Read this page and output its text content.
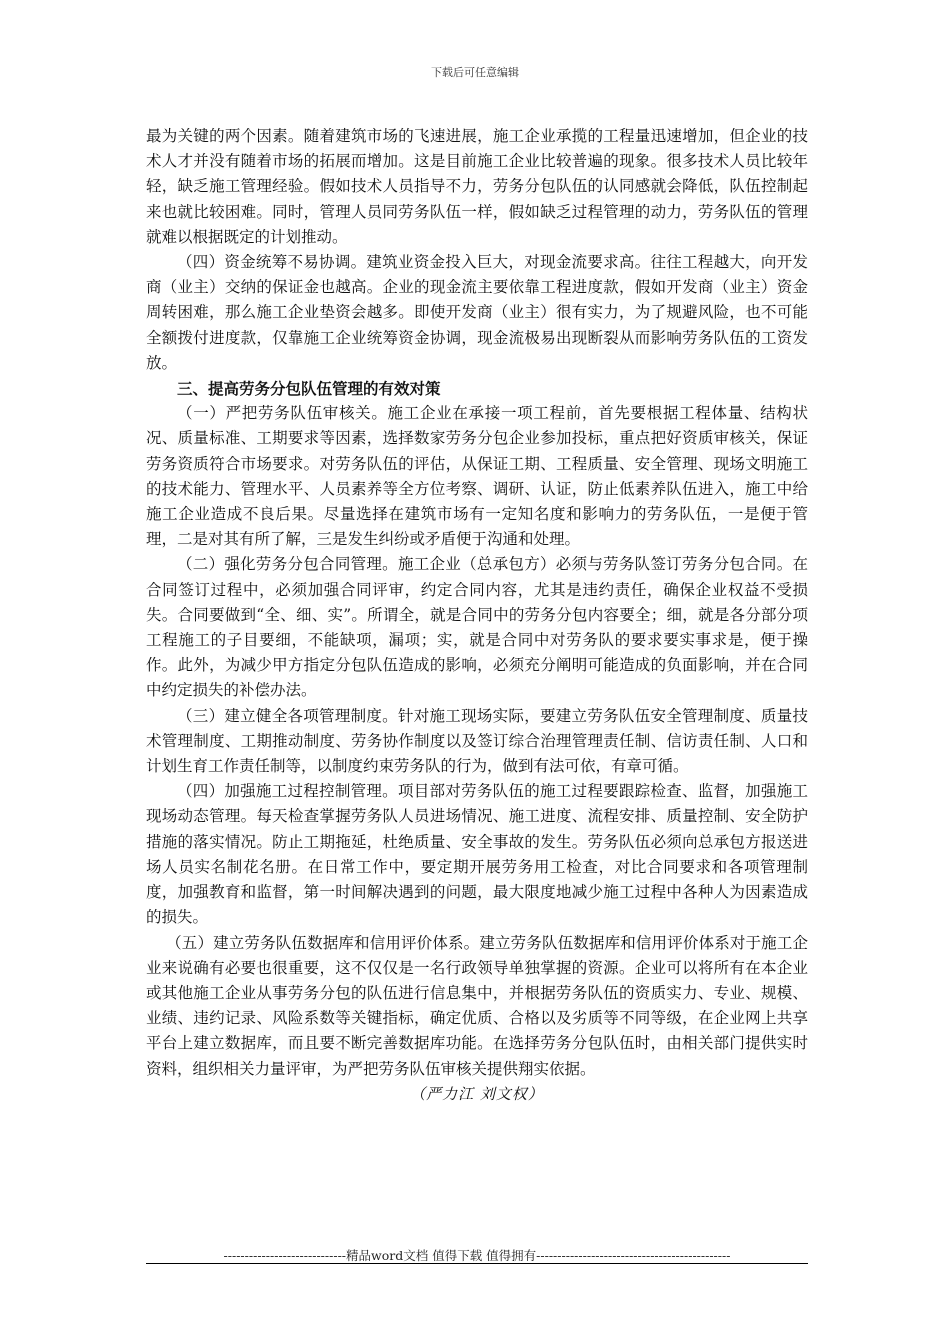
下载后可任意编辑

最为关键的两个因素。随着建筑市场的飞速进展，施工企业承揽的工程量迅速增加，但企业的技术人才并没有随着市场的拓展而增加。这是目前施工企业比较普遍的现象。很多技术人员比较年轻，缺乏施工管理经验。假如技术人员指导不力，劳务分包队伍的认同感就会降低，队伍控制起来也就比较困难。同时，管理人员同劳务队伍一样，假如缺乏过程管理的动力，劳务队伍的管理就难以根据既定的计划推动。

（四）资金统筹不易协调。建筑业资金投入巨大，对现金流要求高。往往工程越大，向开发商（业主）交纳的保证金也越高。企业的现金流主要依靠工程进度款，假如开发商（业主）资金周转困难，那么施工企业垫资会越多。即使开发商（业主）很有实力，为了规避风险，也不可能全额拨付进度款，仅靠施工企业统筹资金协调，现金流极易出现断裂从而影响劳务队伍的工资发放。

三、提高劳务分包队伍管理的有效对策

（一）严把劳务队伍审核关。施工企业在承接一项工程前，首先要根据工程体量、结构状况、质量标准、工期要求等因素，选择数家劳务分包企业参加投标，重点把好资质审核关，保证劳务资质符合市场要求。对劳务队伍的评估，从保证工期、工程质量、安全管理、现场文明施工的技术能力、管理水平、人员素养等全方位考察、调研、认证，防止低素养队伍进入，施工中给施工企业造成不良后果。尽量选择在建筑市场有一定知名度和影响力的劳务队伍，一是便于管理，二是对其有所了解，三是发生纠纷或矛盾便于沟通和处理。

（二）强化劳务分包合同管理。施工企业（总承包方）必须与劳务队签订劳务分包合同。在合同签订过程中，必须加强合同评审，约定合同内容，尤其是违约责任，确保企业权益不受损失。合同要做到“全、细、实”。所谓全，就是合同中的劳务分包内容要全；细，就是各分部分项工程施工的子目要细，不能缺项，漏项；实，就是合同中对劳务队的要求要实事求是，便于操作。此外，为减少甲方指定分包队伍造成的影响，必须充分阐明可能造成的负面影响，并在合同中约定损失的补偿办法。

（三）建立健全各项管理制度。针对施工现场实际，要建立劳务队伍安全管理制度、质量技术管理制度、工期推动制度、劳务协作制度以及签订综合治理管理责任制、信访责任制、人口和计划生育工作责任制等，以制度约束劳务队的行为，做到有法可依，有章可循。

（四）加强施工过程控制管理。项目部对劳务队伍的施工过程要跟踪检查、监督，加强施工现场动态管理。每天检查掌握劳务队人员进场情况、施工进度、流程安排、质量控制、安全防护措施的落实情况。防止工期拖延，杜绝质量、安全事故的发生。劳务队伍必须向总承包方报送进场人员实名制花名册。在日常工作中，要定期开展劳务用工检查，对比合同要求和各项管理制度，加强教育和监督，第一时间解决遇到的问题，最大限度地减少施工过程中各种人为因素造成的损失。

（五）建立劳务队伍数据库和信用评价体系。建立劳务队伍数据库和信用评价体系对于施工企业来说确有必要也很重要，这不仅仅是一名行政领导单独掌握的资源。企业可以将所有在本企业或其他施工企业从事劳务分包的队伍进行信息集中，并根据劳务队伍的资质实力、专业、规模、业绩、违约记录、风险系数等关键指标，确定优质、合格以及劣质等不同等级，在企业网上共享平台上建立数据库，而且要不断完善数据库功能。在选择劳务分包队伍时，由相关部门提供实时资料，组织相关力量评审，为严把劳务队伍审核关提供翔实依据。

（严力江 刘文权）

-----------------------------精品word文档 值得下载 值得拥有----------------------------------------------
